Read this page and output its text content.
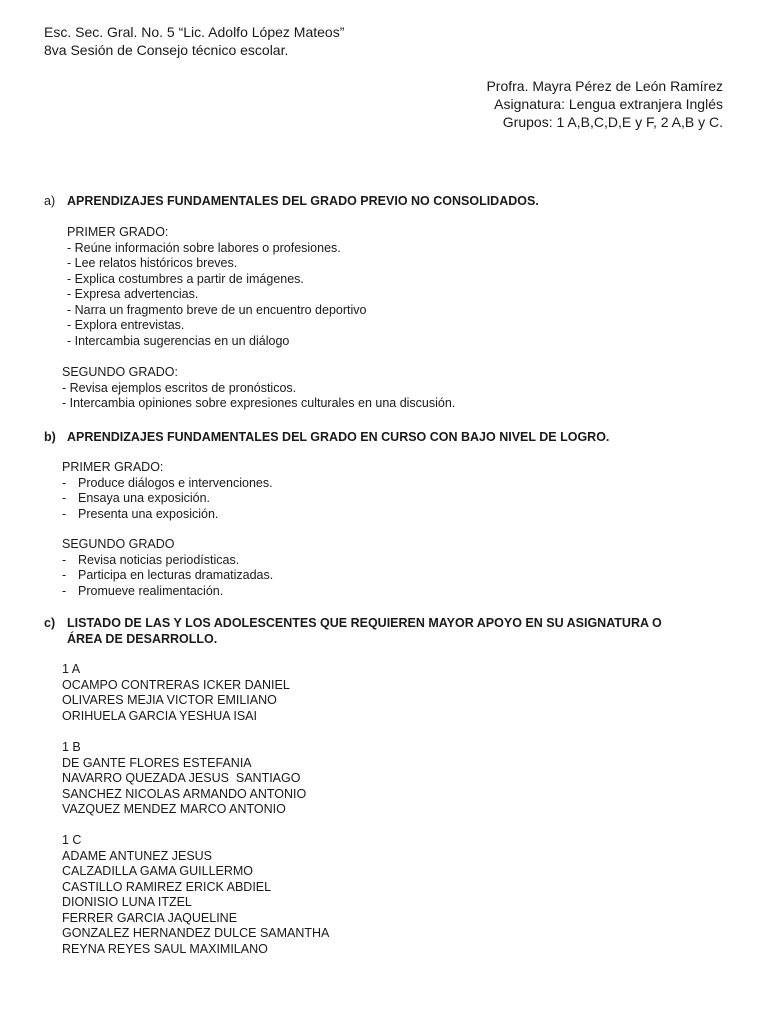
Esc. Sec. Gral. No. 5 “Lic. Adolfo López Mateos”
8va Sesión de Consejo técnico escolar.
Profra. Mayra Pérez de León Ramírez
Asignatura: Lengua extranjera Inglés
Grupos: 1 A,B,C,D,E y F, 2 A,B y C.
a) APRENDIZAJES FUNDAMENTALES DEL GRADO PREVIO NO CONSOLIDADOS.
PRIMER GRADO:
- Reúne información sobre labores o profesiones.
- Lee relatos históricos breves.
- Explica costumbres a partir de imágenes.
- Expresa advertencias.
- Narra un fragmento breve de un encuentro deportivo
- Explora entrevistas.
- Intercambia sugerencias en un diálogo
SEGUNDO GRADO:
- Revisa ejemplos escritos de pronósticos.
- Intercambia opiniones sobre expresiones culturales en una discusión.
b) APRENDIZAJES FUNDAMENTALES DEL GRADO EN CURSO CON BAJO NIVEL DE LOGRO.
PRIMER GRADO:
- Produce diálogos e intervenciones.
- Ensaya una exposición.
- Presenta una exposición.
SEGUNDO GRADO
- Revisa noticias periodísticas.
- Participa en lecturas dramatizadas.
- Promueve realimentación.
c) LISTADO DE LAS Y LOS ADOLESCENTES QUE REQUIEREN MAYOR APOYO EN SU ASIGNATURA O
ÁREA DE DESARROLLO.
1 A
OCAMPO CONTRERAS ICKER DANIEL
OLIVARES MEJIA VICTOR EMILIANO
ORIHUELA GARCIA YESHUA ISAI
1 B
DE GANTE FLORES ESTEFANIA
NAVARRO QUEZADA JESUS  SANTIAGO
SANCHEZ NICOLAS ARMANDO ANTONIO
VAZQUEZ MENDEZ MARCO ANTONIO
1 C
ADAME ANTUNEZ JESUS
CALZADILLA GAMA GUILLERMO
CASTILLO RAMIREZ ERICK ABDIEL
DIONISIO LUNA ITZEL
FERRER GARCIA JAQUELINE
GONZALEZ HERNANDEZ DULCE SAMANTHA
REYNA REYES SAUL MAXIMILANO
